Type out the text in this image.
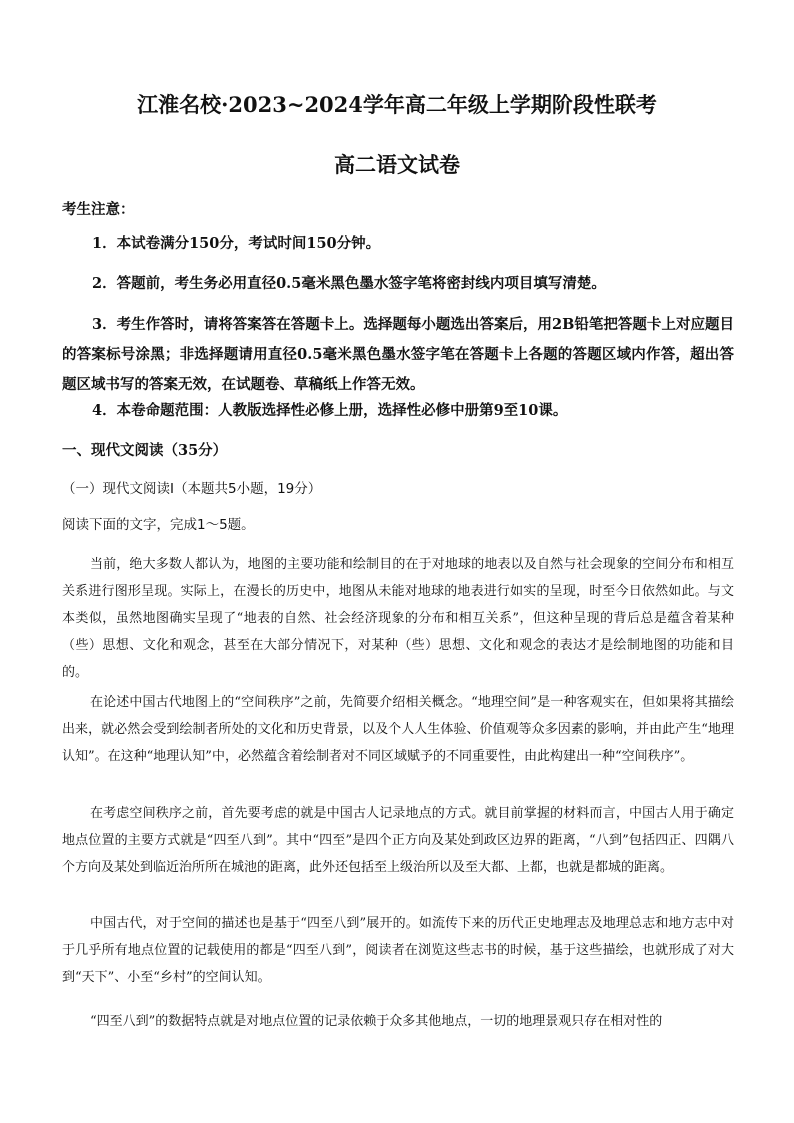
江淮名校·2023~2024学年高二年级上学期阶段性联考
高二语文试卷
考生注意：
1．本试卷满分150分，考试时间150分钟。
2．答题前，考生务必用直径0.5毫米黑色墨水签字笔将密封线内项目填写清楚。
3．考生作答时，请将答案答在答题卡上。选择题每小题选出答案后，用2B铅笔把答题卡上对应题目的答案标号涂黑；非选择题请用直径0.5毫米黑色墨水签字笔在答题卡上各题的答题区域内作答，超出答题区域书写的答案无效，在试题卷、草稿纸上作答无效。
4．本卷命题范围：人教版选择性必修上册，选择性必修中册第9至10课。
一、现代文阅读（35分）
（一）现代文阅读Ⅰ（本题共5小题，19分）
阅读下面的文字，完成1～5题。
当前，绝大多数人都认为，地图的主要功能和绘制目的在于对地球的地表以及自然与社会现象的空间分布和相互关系进行图形呈现。实际上，在漫长的历史中，地图从未能对地球的地表进行如实的呈现，时至今日依然如此。与文本类似，虽然地图确实呈现了“地表的自然、社会经济现象的分布和相互关系”，但这种呈现的背后总是蕴含着某种（些）思想、文化和观念，甚至在大部分情况下，对某种（些）思想、文化和观念的表达才是绘制地图的功能和目的。
在论述中国古代地图上的“空间秩序”之前，先简要介绍相关概念。“地理空间”是一种客观实在，但如果将其描绘出来，就必然会受到绘制者所处的文化和历史背景，以及个人人生体验、价值观等众多因素的影响，并由此产生“地理认知”。在这种“地理认知”中，必然蕴含着绘制者对不同区域赋予的不同重要性，由此构建出一种“空间秩序”。
在考虑空间秩序之前，首先要考虑的就是中国古人记录地点的方式。就目前掌握的材料而言，中国古人用于确定地点位置的主要方式就是“四至八到”。其中“四至”是四个正方向及某处到政区边界的距离，“八到”包括四正、四隅八个方向及某处到临近治所所在城池的距离，此外还包括至上级治所以及至大都、上都，也就是都城的距离。
中国古代，对于空间的描述也是基于“四至八到”展开的。如流传下来的历代正史地理志及地理总志和地方志中对于几乎所有地点位置的记载使用的都是“四至八到”，阅读者在浏览这些志书的时候，基于这些描绘，也就形成了对大到“天下”、小至“乡村”的空间认知。
“四至八到”的数据特点就是对地点位置的记录依赖于众多其他地点，一切的地理景观只存在相对性的
